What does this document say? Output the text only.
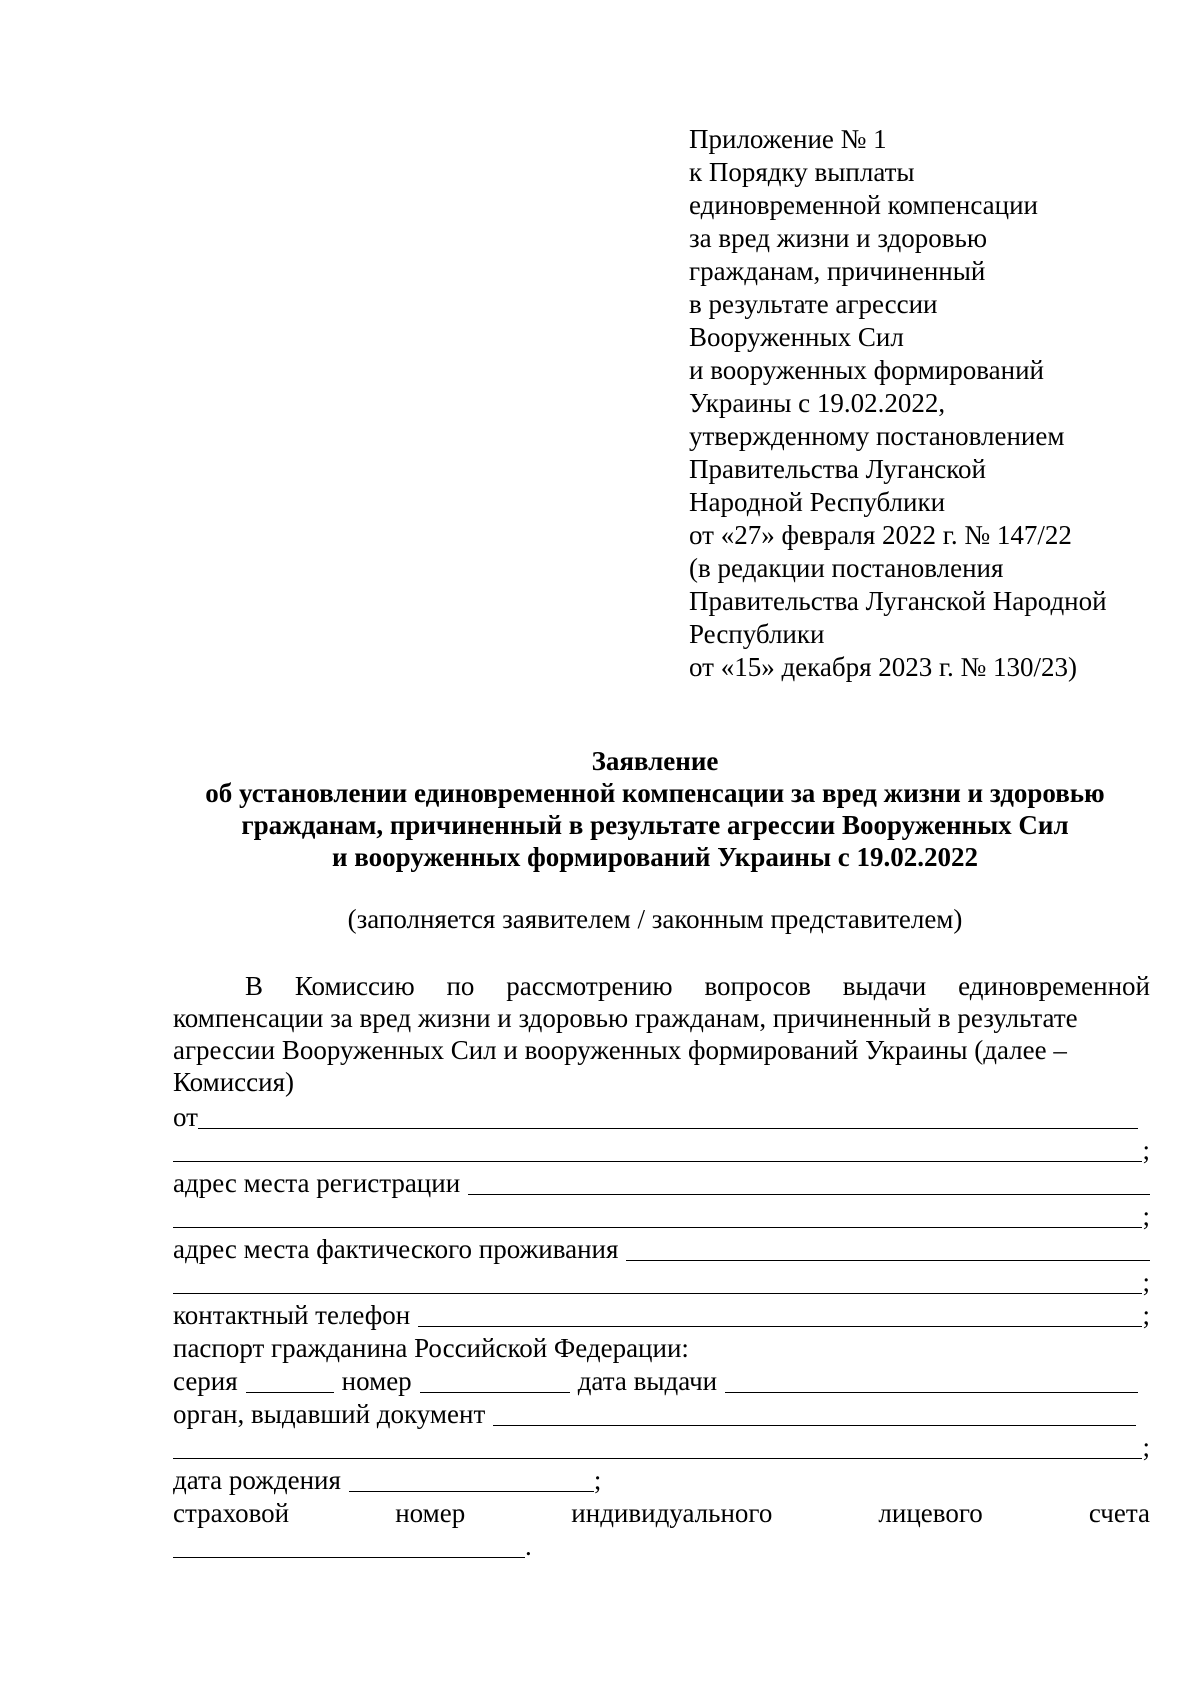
Приложение № 1
к Порядку выплаты
единовременной компенсации
за вред жизни и здоровью
гражданам, причиненный
в результате агрессии
Вооруженных Сил
и вооруженных формирований
Украины с 19.02.2022,
утвержденному постановлением
Правительства Луганской
Народной Республики
от «27» февраля 2022 г. № 147/22
(в редакции постановления
Правительства Луганской Народной
Республики
от «15» декабря 2023 г. № 130/23)
Заявление
об установлении единовременной компенсации за вред жизни и здоровью
гражданам, причиненный в результате агрессии Вооруженных Сил
и вооруженных формирований Украины с 19.02.2022
(заполняется заявителем / законным представителем)
В Комиссию по рассмотрению вопросов выдачи единовременной
компенсации за вред жизни и здоровью гражданам, причиненный в результате
агрессии Вооруженных Сил и вооруженных формирований Украины (далее –
Комиссия)
от
;
адрес места регистрации
;
адрес места фактического проживания
;
контактный телефон	;
паспорт гражданина Российской Федерации:
серия	номер	дата выдачи
орган, выдавший документ
;
дата рождения	;
страховой	номер	индивидуального	лицевого	счета
.
